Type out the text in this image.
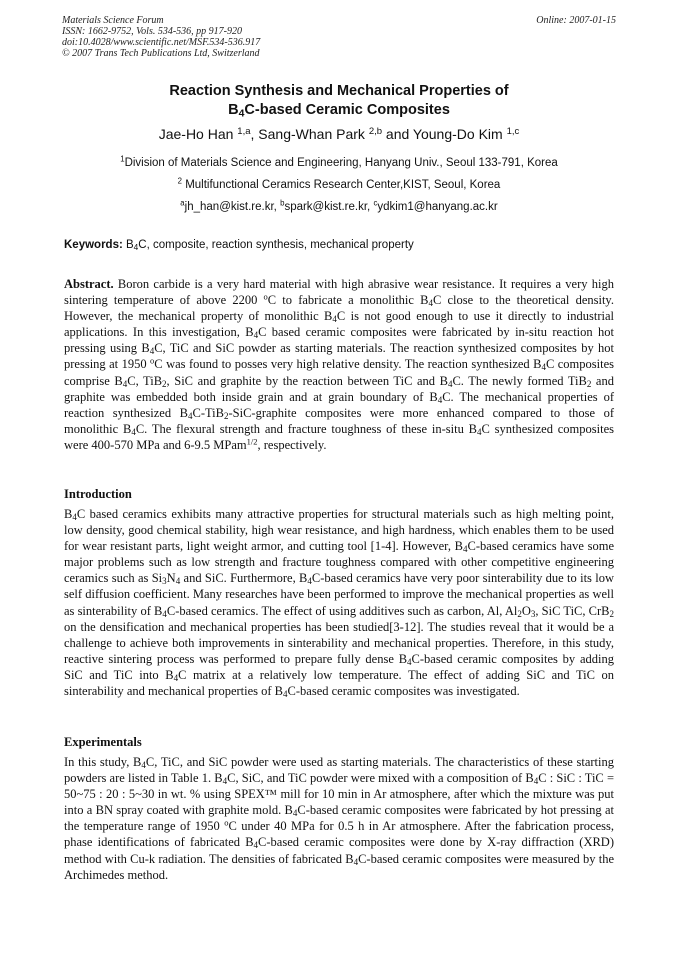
Materials Science Forum
ISSN: 1662-9752, Vols. 534-536, pp 917-920
doi:10.4028/www.scientific.net/MSF.534-536.917
© 2007 Trans Tech Publications Ltd, Switzerland
Online: 2007-01-15
Reaction Synthesis and Mechanical Properties of
$B_4C$-based Ceramic Composites
Jae-Ho Han $^{1,a}$, Sang-Whan Park $^{2,b}$ and Young-Do Kim $^{1,c}$
$^1$Division of Materials Science and Engineering, Hanyang Univ., Seoul 133-791, Korea
$^2$ Multifunctional Ceramics Research Center,KIST, Seoul, Korea
$^a$jh_han@kist.re.kr, $^b$spark@kist.re.kr, $^c$ydkim1@hanyang.ac.kr
Keywords: $B_4C$, composite, reaction synthesis, mechanical property
Abstract. Boron carbide is a very hard material with high abrasive wear resistance. It requires a very high sintering temperature of above 2200 $^o$C to fabricate a monolithic $B_4C$ close to the theoretical density. However, the mechanical property of monolithic $B_4C$ is not good enough to use it directly to industrial applications. In this investigation, $B_4C$ based ceramic composites were fabricated by in-situ reaction hot pressing using $B_4C$, TiC and SiC powder as starting materials. The reaction synthesized composites by hot pressing at 1950 $^o$C was found to posses very high relative density. The reaction synthesized $B_4C$ composites comprise $B_4C$, TiB$_2$, SiC and graphite by the reaction between TiC and $B_4C$. The newly formed TiB$_2$ and graphite was embedded both inside grain and at grain boundary of $B_4C$. The mechanical properties of reaction synthesized $B_4C-TiB_2-SiC$-graphite composites were more enhanced compared to those of monolithic $B_4C$. The flexural strength and fracture toughness of these in-situ $B_4C$ synthesized composites were 400-570 MPa and 6-9.5 MPam$^{1/2}$, respectively.
Introduction
$B_4C$ based ceramics exhibits many attractive properties for structural materials such as high melting point, low density, good chemical stability, high wear resistance, and high hardness, which enables them to be used for wear resistant parts, light weight armor, and cutting tool [1-4]. However, $B_4C$-based ceramics have some major problems such as low strength and fracture toughness compared with other competitive engineering ceramics such as $Si_3N_4$ and SiC. Furthermore, $B_4C$-based ceramics have very poor sinterability due to its low self diffusion coefficient. Many researches have been performed to improve the mechanical properties as well as sinterability of $B_4C$-based ceramics. The effect of using additives such as carbon, Al, $Al_2O_3$, SiC TiC, CrB$_2$ on the densification and mechanical properties has been studied[3-12]. The studies reveal that it would be a challenge to achieve both improvements in sinterability and mechanical properties. Therefore, in this study, reactive sintering process was performed to prepare fully dense $B_4C$-based ceramic composites by adding SiC and TiC into $B_4C$ matrix at a relatively low temperature. The effect of adding SiC and TiC on sinterability and mechanical properties of $B_4C$-based ceramic composites was investigated.
Experimentals
In this study, $B_4C$, TiC, and SiC powder were used as starting materials. The characteristics of these starting powders are listed in Table 1. $B_4C$, SiC, and TiC powder were mixed with a composition of $B_4C$ : SiC : TiC = 50~75 : 20 : 5~30 in wt. % using SPEX™ mill for 10 min in Ar atmosphere, after which the mixture was put into a BN spray coated with graphite mold. $B_4C$-based ceramic composites were fabricated by hot pressing at the temperature range of 1950 $^o$C under 40 MPa for 0.5 h in Ar atmosphere. After the fabrication process, phase identifications of fabricated $B_4C$-based ceramic composites were done by X-ray diffraction (XRD) method with Cu-k radiation. The densities of fabricated $B_4C$-based ceramic composites were measured by the Archimedes method.
